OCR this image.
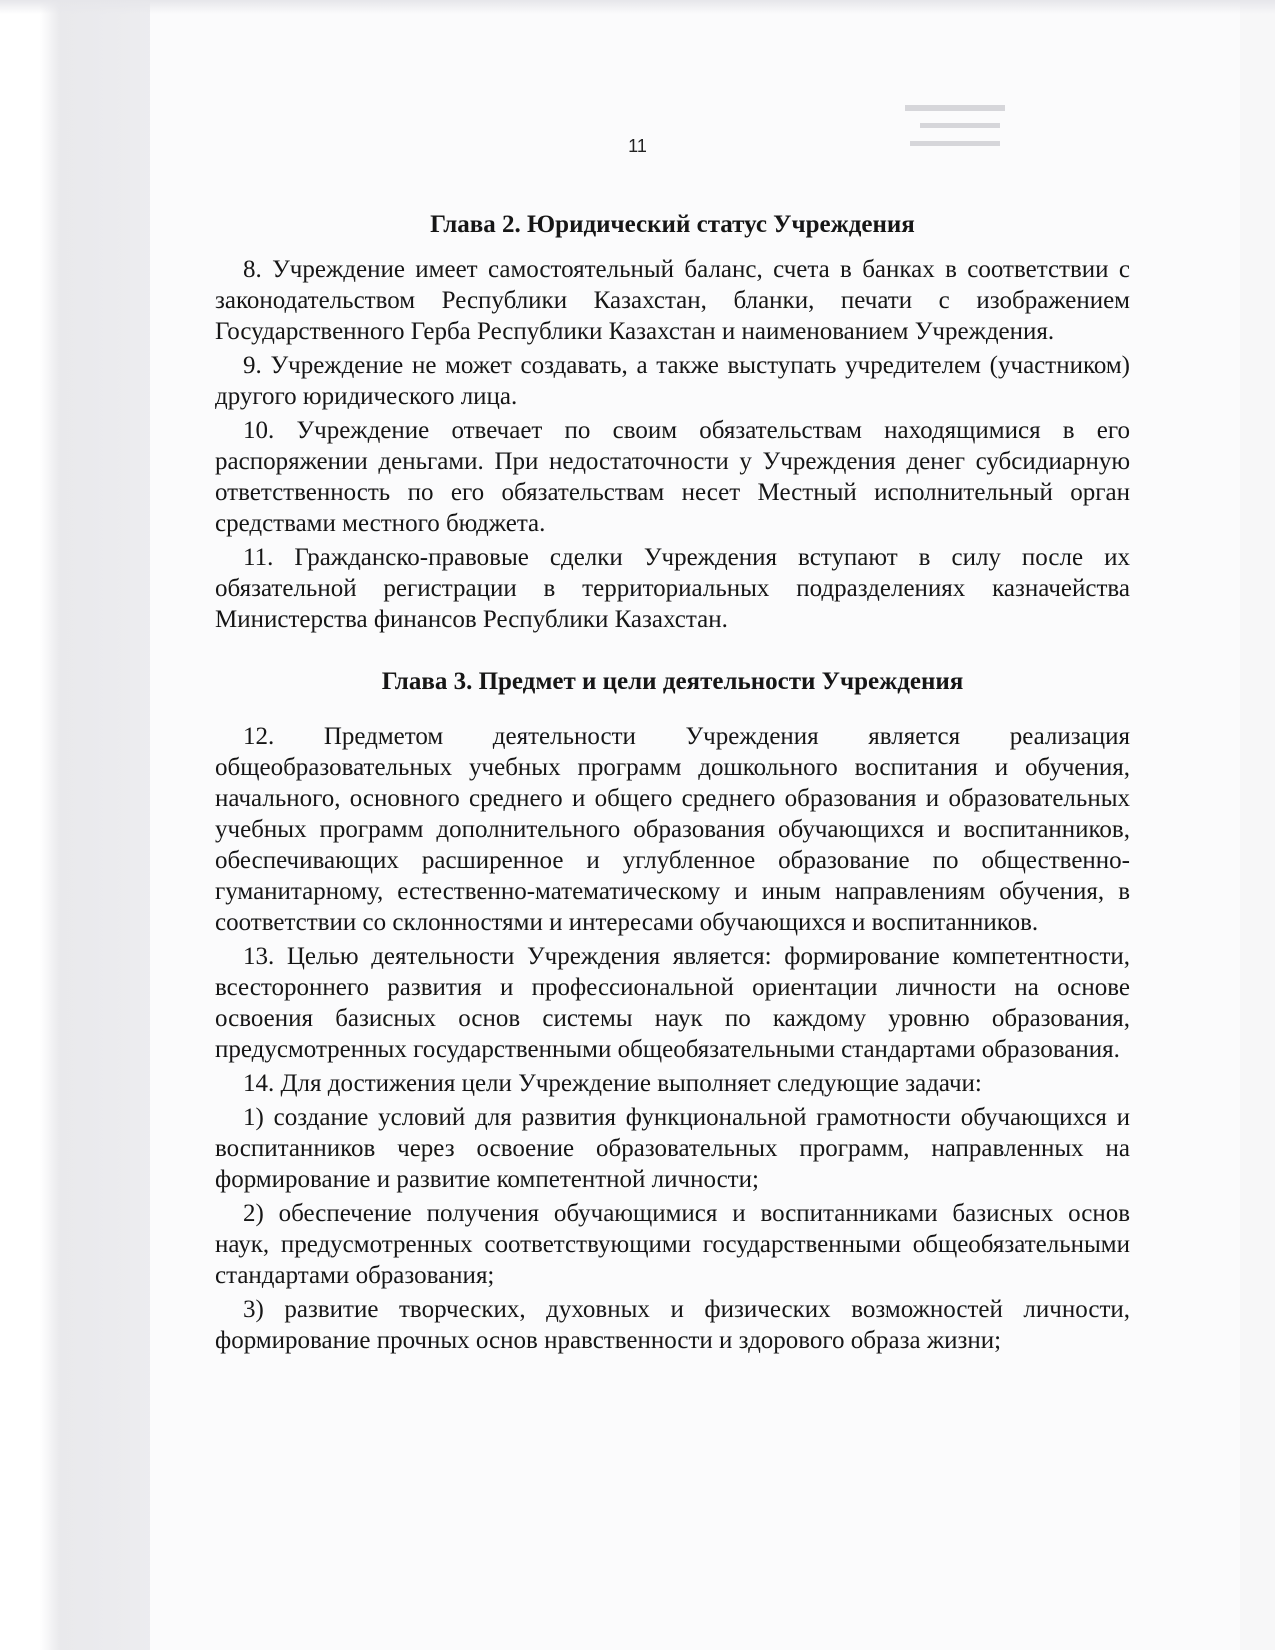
11
Глава 2. Юридический статус Учреждения

8. Учреждение имеет самостоятельный баланс, счета в банках в соответствии с законодательством Республики Казахстан, бланки, печати с изображением Государственного Герба Республики Казахстан и наименованием Учреждения.

9. Учреждение не может создавать, а также выступать учредителем (участником) другого юридического лица.

10. Учреждение отвечает по своим обязательствам находящимися в его распоряжении деньгами. При недостаточности у Учреждения денег субсидиарную ответственность по его обязательствам несет Местный исполнительный орган средствами местного бюджета.

11. Гражданско-правовые сделки Учреждения вступают в силу после их обязательной регистрации в территориальных подразделениях казначейства Министерства финансов Республики Казахстан.

Глава 3. Предмет и цели деятельности Учреждения

12. Предметом деятельности Учреждения является реализация общеобразовательных учебных программ дошкольного воспитания и обучения, начального, основного среднего и общего среднего образования и образовательных учебных программ дополнительного образования обучающихся и воспитанников, обеспечивающих расширенное и углубленное образование по общественно-гуманитарному, естественно-математическому и иным направлениям обучения, в соответствии со склонностями и интересами обучающихся и воспитанников.

13. Целью деятельности Учреждения является: формирование компетентности, всестороннего развития и профессиональной ориентации личности на основе освоения базисных основ системы наук по каждому уровню образования, предусмотренных государственными общеобязательными стандартами образования.

14. Для достижения цели Учреждение выполняет следующие задачи:

1) создание условий для развития функциональной грамотности обучающихся и воспитанников через освоение образовательных программ, направленных на формирование и развитие компетентной личности;

2) обеспечение получения обучающимися и воспитанниками базисных основ наук, предусмотренных соответствующими государственными общеобязательными стандартами образования;

3) развитие творческих, духовных и физических возможностей личности, формирование прочных основ нравственности и здорового образа жизни;
